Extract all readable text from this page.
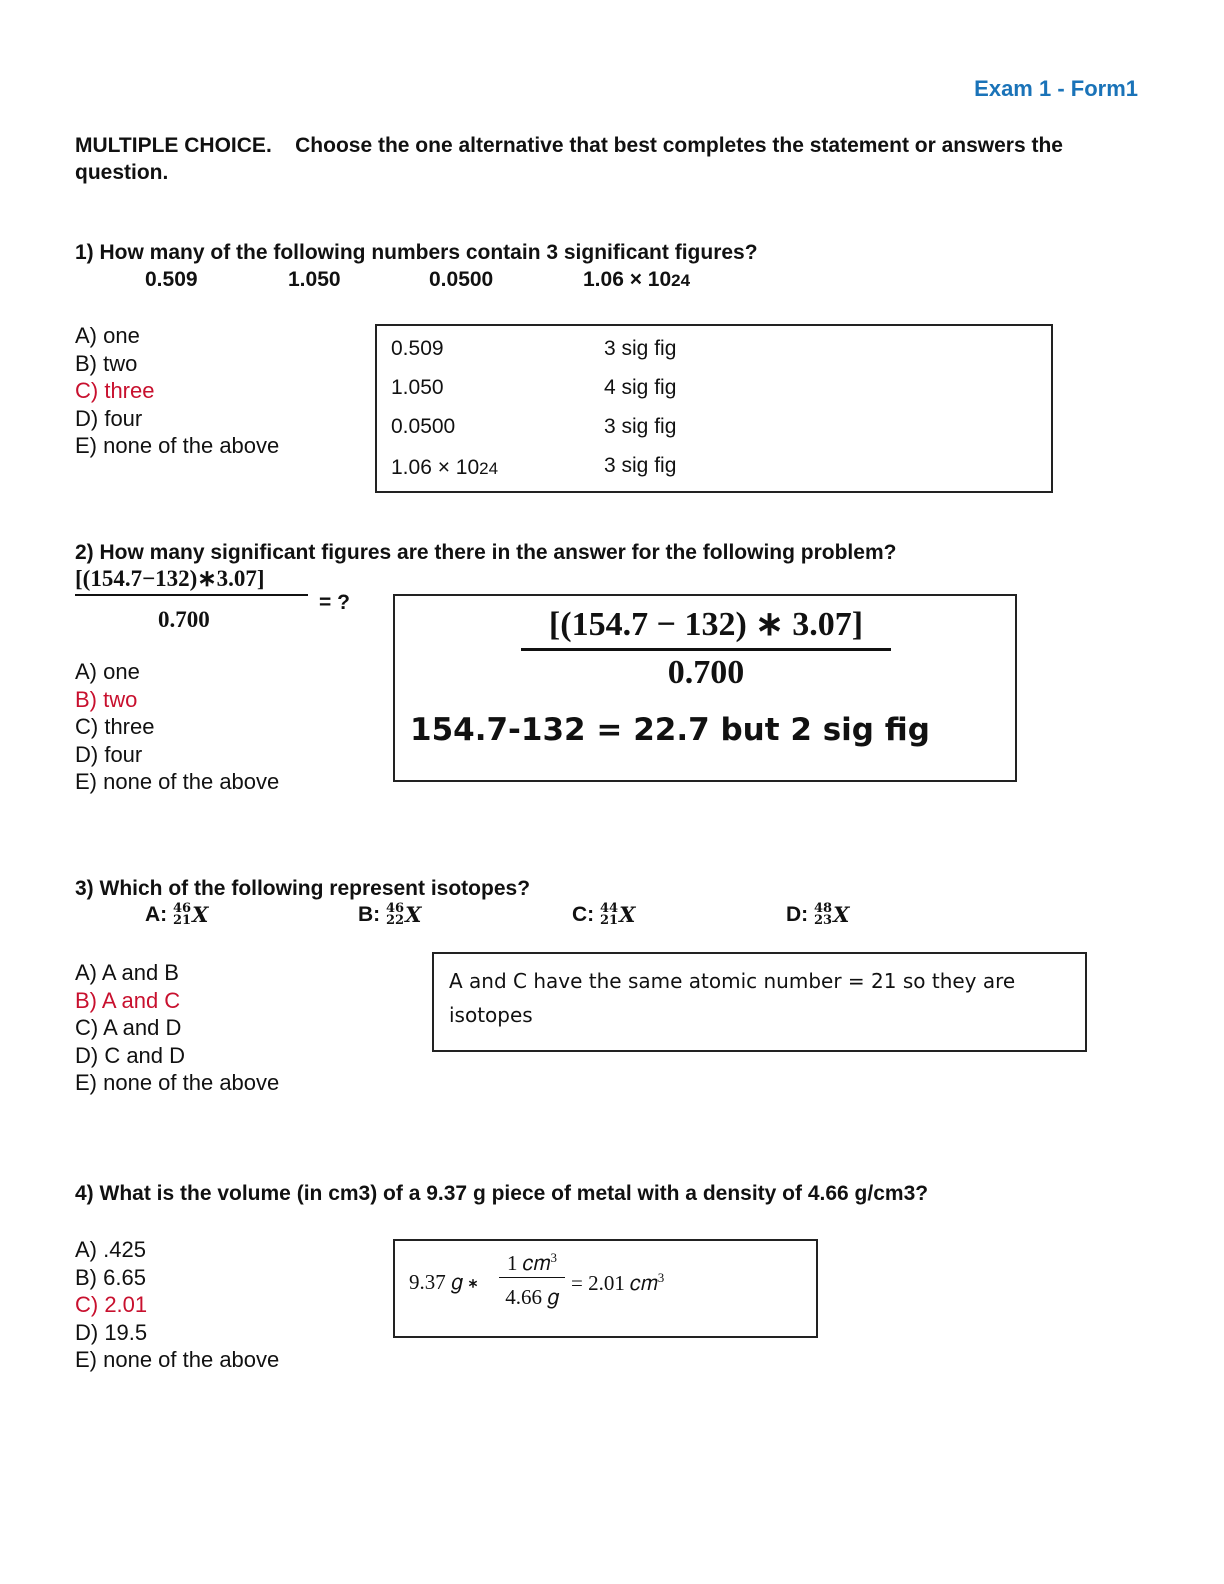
Exam 1 - Form1
MULTIPLE CHOICE. Choose the one alternative that best completes the statement or answers the question.
1) How many of the following numbers contain 3 significant figures?
0.509	1.050	0.0500	1.06 × 1024
A) one
B) two
C) three
D) four
E) none of the above
0.509	3 sig fig
1.050	4 sig fig
0.0500	3 sig fig
1.06 × 1024	3 sig fig
2) How many significant figures are there in the answer for the following problem?
[(154.7−132)∗3.07]
0.700
= ?
A) one
B) two
C) three
D) four
E) none of the above
[(154.7 − 132) ∗ 3.07]
0.700
154.7-132 = 22.7 but 2 sig fig
3) Which of the following represent isotopes?
A:
46
21 X	B:
46
22 X	C:
44
21 X	D:
48
23 X
A) A and B
B) A and C
C) A and D
D) C and D
E) none of the above
A and C have the same atomic number = 21 so they are isotopes
4) What is the volume (in cm3) of a 9.37 g piece of metal with a density of 4.66 g/cm3?
A) .425
B) 6.65
C) 2.01
D) 19.5
E) none of the above
9.37 𝑔 ∗
1 𝑐𝑚$^3$
4.66 𝑔
= 2.01 𝑐𝑚$^3$
